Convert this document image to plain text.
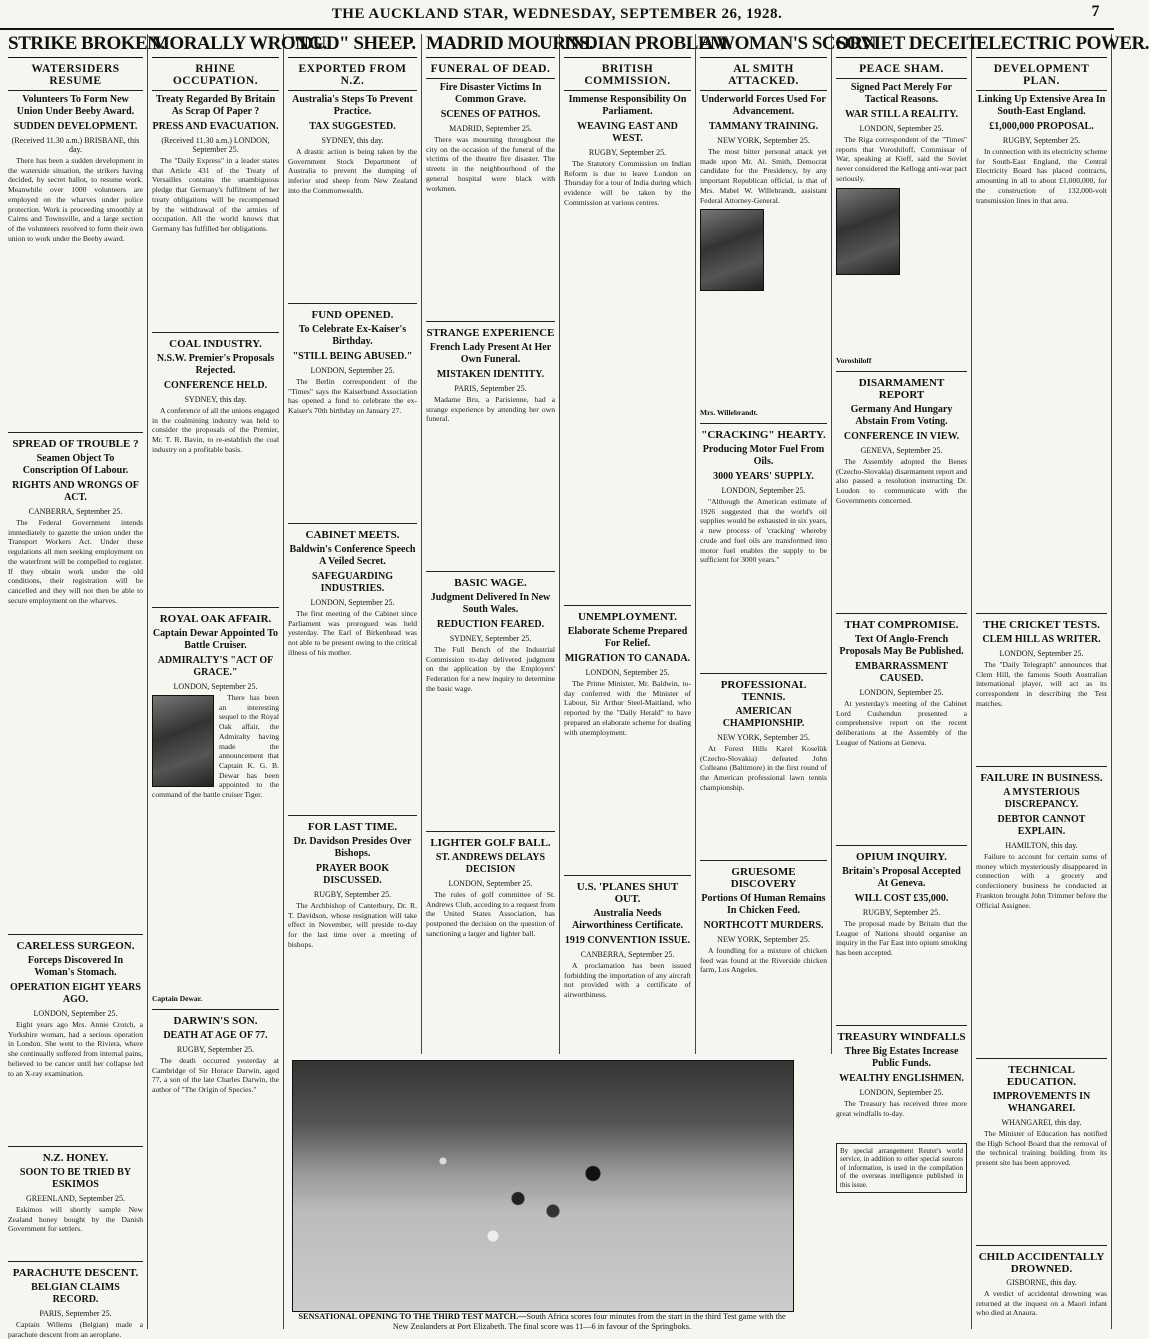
THE AUCKLAND STAR, WEDNESDAY, SEPTEMBER 26, 1928.	7
STRIKE BROKEN.
WATERSIDERS RESUME
Volunteers To Form New Union Under Beeby Award.
SUDDEN DEVELOPMENT.
(Received 11.30 a.m.) BRISBANE, this day.

There has been a sudden development in the waterside situation, the strikers having decided, by secret ballot, to resume work. Meanwhile over 1000 volunteers are employed on the wharves under police protection. Work is proceeding smoothly at Cairns and Townsville, and a large section of the volunteers resolved to form their own union to work under the Beeby award.

SPREAD OF TROUBLE ?
Seamen Object To Conscription Of Labour.
RIGHTS AND WRONGS OF ACT.
CANBERRA, September 25.

The Federal Government intends immediately to gazette the union under the Transport Workers Act. Under these regulations all men seeking employment on the waterfront will be compelled to register. If they obtain work under the old conditions, their registration will be cancelled and they will not then be able to secure employment on the wharves.

CARELESS SURGEON.
Forceps Discovered In Woman's Stomach.
OPERATION EIGHT YEARS AGO.
LONDON, September 25.

Eight years ago Mrs. Annie Crotch, a Yorkshire woman, had a serious operation in London. She went to the Riviera, where she continually suffered from internal pains, believed to be cancer until her collapse led to an X-ray examination.

N.Z. HONEY.
SOON TO BE TRIED BY ESKIMOS
GREENLAND, September 25.

Eskimos will shortly sample New Zealand honey bought by the Danish Government for settlers.

PARACHUTE DESCENT.
BELGIAN CLAIMS RECORD.
PARIS, September 25.

Captain Willems (Belgian) made a parachute descent from an aeroplane.

MORALLY WRONG.
RHINE OCCUPATION.
Treaty Regarded By Britain As Scrap Of Paper ?
PRESS AND EVACUATION.
(Received 11.30 a.m.) LONDON, September 25.

The "Daily Express" in a leader states that Article 431 of the Treaty of Versailles contains the unambiguous pledge that Germany's fulfilment of her treaty obligations will be recompensed by the withdrawal of the armies of occupation. All the world knows that Germany has fulfilled her obligations.

COAL INDUSTRY.
N.S.W. Premier's Proposals Rejected.
CONFERENCE HELD.
SYDNEY, this day.

A conference of all the unions engaged in the coalmining industry was held to consider the proposals of the Premier, Mr. T. R. Bavin, to re-establish the coal industry on a profitable basis.

ROYAL OAK AFFAIR.
Captain Dewar Appointed To Battle Cruiser.
ADMIRALTY'S "ACT OF GRACE."
LONDON, September 25.

There has been an interesting sequel to the Royal Oak affair, the Admiralty having made the announcement that Captain K. G. B. Dewar has been appointed to the command of the battle cruiser Tiger.

Captain Dewar.
DARWIN'S SON.
DEATH AT AGE OF 77.
RUGBY, September 25.

The death occurred yesterday at Cambridge of Sir Horace Darwin, aged 77, a son of the late Charles Darwin, the author of "The Origin of Species."

"DUD" SHEEP.
EXPORTED FROM N.Z.
Australia's Steps To Prevent Practice.
TAX SUGGESTED.
SYDNEY, this day.

A drastic action is being taken by the Government Stock Department of Australia to prevent the dumping of inferior stud sheep from New Zealand into the Commonwealth.

FUND OPENED.
To Celebrate Ex-Kaiser's Birthday.
"STILL BEING ABUSED."
LONDON, September 25.

The Berlin correspondent of the "Times" says the Kaiserbund Association has opened a fund to celebrate the ex-Kaiser's 70th birthday on January 27.

CABINET MEETS.
Baldwin's Conference Speech A Veiled Secret.
SAFEGUARDING INDUSTRIES.
LONDON, September 25.

The first meeting of the Cabinet since Parliament was prorogued was held yesterday. The Earl of Birkenhead was not able to be present owing to the critical illness of his mother.

FOR LAST TIME.
Dr. Davidson Presides Over Bishops.
PRAYER BOOK DISCUSSED.
RUGBY, September 25.

The Archbishop of Canterbury, Dr. R. T. Davidson, whose resignation will take effect in November, will preside to-day for the last time over a meeting of bishops.

MADRID MOURNS.
FUNERAL OF DEAD.
Fire Disaster Victims In Common Grave.
SCENES OF PATHOS.
MADRID, September 25.

There was mourning throughout the city on the occasion of the funeral of the victims of the theatre fire disaster. The streets in the neighbourhood of the general hospital were black with workmen.

STRANGE EXPERIENCE
French Lady Present At Her Own Funeral.
MISTAKEN IDENTITY.
PARIS, September 25.

Madame Bru, a Parisienne, had a strange experience by attending her own funeral.

BASIC WAGE.
Judgment Delivered In New South Wales.
REDUCTION FEARED.
SYDNEY, September 25.

The Full Bench of the Industrial Commission to-day delivered judgment on the application by the Employers' Federation for a new inquiry to determine the basic wage.

LIGHTER GOLF BALL.
ST. ANDREWS DELAYS DECISION
LONDON, September 25.

The rules of golf committee of St. Andrews Club, acceding to a request from the United States Association, has postponed the decision on the question of sanctioning a larger and lighter ball.

INDIAN PROBLEM.
BRITISH COMMISSION.
Immense Responsibility On Parliament.
WEAVING EAST AND WEST.
RUGBY, September 25.

The Statutory Commission on Indian Reform is due to leave London on Thursday for a tour of India during which evidence will be taken by the Commission at various centres.

UNEMPLOYMENT.
Elaborate Scheme Prepared For Relief.
MIGRATION TO CANADA.
LONDON, September 25.

The Prime Minister, Mr. Baldwin, to-day conferred with the Minister of Labour, Sir Arthur Steel-Maitland, who reported by the "Daily Herald" to have prepared an elaborate scheme for dealing with unemployment.

U.S. 'PLANES SHUT OUT.
Australia Needs Airworthiness Certificate.
1919 CONVENTION ISSUE.
CANBERRA, September 25.

A proclamation has been issued forbidding the importation of any aircraft not provided with a certificate of airworthiness.

A WOMAN'S SCORN
AL SMITH ATTACKED.
Underworld Forces Used For Advancement.
TAMMANY TRAINING.
NEW YORK, September 25.

The most bitter personal attack yet made upon Mr. Al. Smith, Democrat candidate for the Presidency, by any important Republican official, is that of Mrs. Mabel W. Willebrandt, assistant Federal Attorney-General.

Mrs. Willebrandt.
"CRACKING" HEARTY.
Producing Motor Fuel From Oils.
3000 YEARS' SUPPLY.
LONDON, September 25.

"Although the American estimate of 1926 suggested that the world's oil supplies would be exhausted in six years, a new process of 'cracking' whereby crude and fuel oils are transformed into motor fuel enables the supply to be sufficient for 3000 years."

PROFESSIONAL TENNIS.
AMERICAN CHAMPIONSHIP.
NEW YORK, September 25.

At Forest Hills Karel Koselük (Czecho-Slovakia) defeated John Colleano (Baltimore) in the first round of the American professional lawn tennis championship.

GRUESOME DISCOVERY
Portions Of Human Remains In Chicken Feed.
NORTHCOTT MURDERS.
NEW YORK, September 25.

A foundling for a mixture of chicken feed was found at the Riverside chicken farm, Los Angeles.

SOVIET DECEIT.
PEACE SHAM.
Signed Pact Merely For Tactical Reasons.
WAR STILL A REALITY.
LONDON, September 25.

The Riga correspondent of the "Times" reports that Voroshiloff, Commissar of War, speaking at Kieff, said the Soviet never considered the Kellogg anti-war pact seriously.

Voroshiloff
DISARMAMENT REPORT
Germany And Hungary Abstain From Voting.
CONFERENCE IN VIEW.
GENEVA, September 25.

The Assembly adopted the Benes (Czecho-Slovakia) disarmament report and also passed a resolution instructing Dr. Loudon to communicate with the Governments concerned.

THAT COMPROMISE.
Text Of Anglo-French Proposals May Be Published.
EMBARRASSMENT CAUSED.
LONDON, September 25.

At yesterday's meeting of the Cabinet Lord Cushendun presented a comprehensive report on the recent deliberations at the Assembly of the League of Nations at Geneva.

OPIUM INQUIRY.
Britain's Proposal Accepted At Geneva.
WILL COST £35,000.
RUGBY, September 25.

The proposal made by Britain that the League of Nations should organise an inquiry in the Far East into opium smoking has been accepted.

TREASURY WINDFALLS
Three Big Estates Increase Public Funds.
WEALTHY ENGLISHMEN.
LONDON, September 25.

The Treasury has received three more great windfalls to-day.

By special arrangement Reuter's world service, in addition to other special sources of information, is used in the compilation of the overseas intelligence published in this issue.
ELECTRIC POWER.
DEVELOPMENT PLAN.
Linking Up Extensive Area In South-East England.
£1,000,000 PROPOSAL.
RUGBY, September 25.

In connection with its electricity scheme for South-East England, the Central Electricity Board has placed contracts, amounting in all to about £1,000,000, for the construction of 132,000-volt transmission lines in that area.

THE CRICKET TESTS.
CLEM HILL AS WRITER.
LONDON, September 25.

The "Daily Telegraph" announces that Clem Hill, the famous South Australian international player, will act as its correspondent in describing the Test matches.

FAILURE IN BUSINESS.
A MYSTERIOUS DISCREPANCY.
DEBTOR CANNOT EXPLAIN.
HAMILTON, this day.

Failure to account for certain sums of money which mysteriously disappeared in connection with a grocery and confectionery business he conducted at Frankton brought John Trimmer before the Official Assignee.

TECHNICAL EDUCATION.
IMPROVEMENTS IN WHANGAREI.
WHANGAREI, this day.

The Minister of Education has notified the High School Board that the removal of the technical training building from its present site has been approved.

CHILD ACCIDENTALLY DROWNED.
GISBORNE, this day.

A verdict of accidental drowning was returned at the inquest on a Maori infant who died at Anaura.

SENSATIONAL OPENING TO THE THIRD TEST MATCH.—South Africa scores four minutes from the start in the third Test game with the New Zealanders at Port Elizabeth. The final score was 11—6 in favour of the Springboks.
